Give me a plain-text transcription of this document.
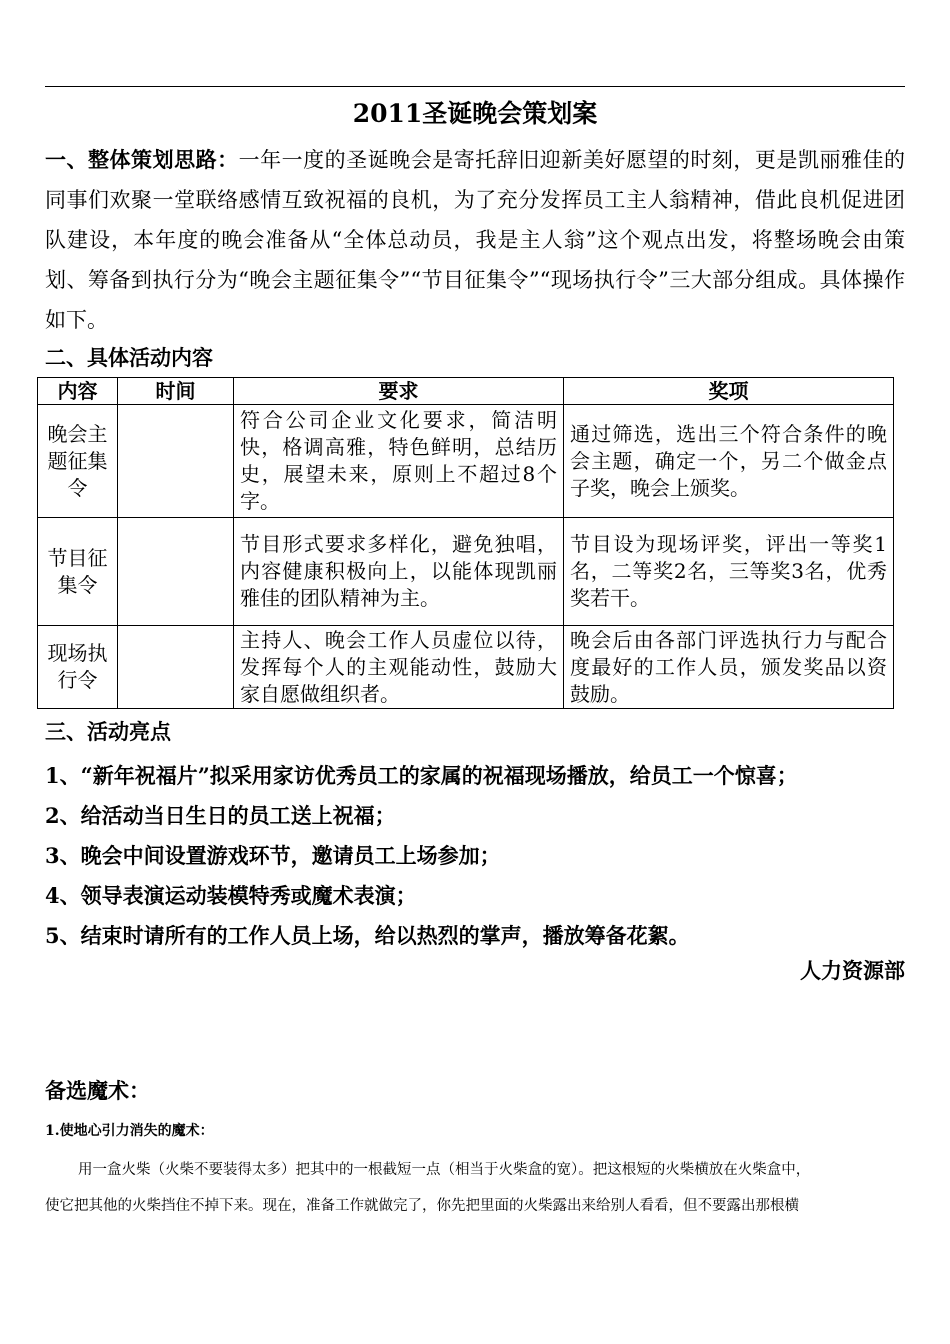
2011圣诞晚会策划案
一、整体策划思路：一年一度的圣诞晚会是寄托辞旧迎新美好愿望的时刻，更是凯丽雅佳的同事们欢聚一堂联络感情互致祝福的良机，为了充分发挥员工主人翁精神，借此良机促进团队建设，本年度的晚会准备从“全体总动员，我是主人翁”这个观点出发，将整场晚会由策划、筹备到执行分为“晚会主题征集令”“节目征集令”“现场执行令”三大部分组成。具体操作如下。
二、具体活动内容
内容	时间	要求	奖项
晚会主题征集令		符合公司企业文化要求，简洁明快，格调高雅，特色鲜明，总结历史，展望未来，原则上不超过8个字。	通过筛选，选出三个符合条件的晚会主题，确定一个，另二个做金点子奖，晚会上颁奖。
节目征集令		节目形式要求多样化，避免独唱，内容健康积极向上，以能体现凯丽雅佳的团队精神为主。	节目设为现场评奖，评出一等奖1名，二等奖2名，三等奖3名，优秀奖若干。
现场执行令		主持人、晚会工作人员虚位以待，发挥每个人的主观能动性，鼓励大家自愿做组织者。	晚会后由各部门评选执行力与配合度最好的工作人员，颁发奖品以资鼓励。
三、活动亮点
1、“新年祝福片”拟采用家访优秀员工的家属的祝福现场播放，给员工一个惊喜；
2、给活动当日生日的员工送上祝福；
3、晚会中间设置游戏环节，邀请员工上场参加；
4、领导表演运动装模特秀或魔术表演；
5、结束时请所有的工作人员上场，给以热烈的掌声，播放筹备花絮。
人力资源部
备选魔术：
1.使地心引力消失的魔术：
用一盒火柴（火柴不要装得太多）把其中的一根截短一点（相当于火柴盒的宽）。把这根短的火柴横放在火柴盒中，
使它把其他的火柴挡住不掉下来。现在，准备工作就做完了，你先把里面的火柴露出来给别人看看，但不要露出那根横
